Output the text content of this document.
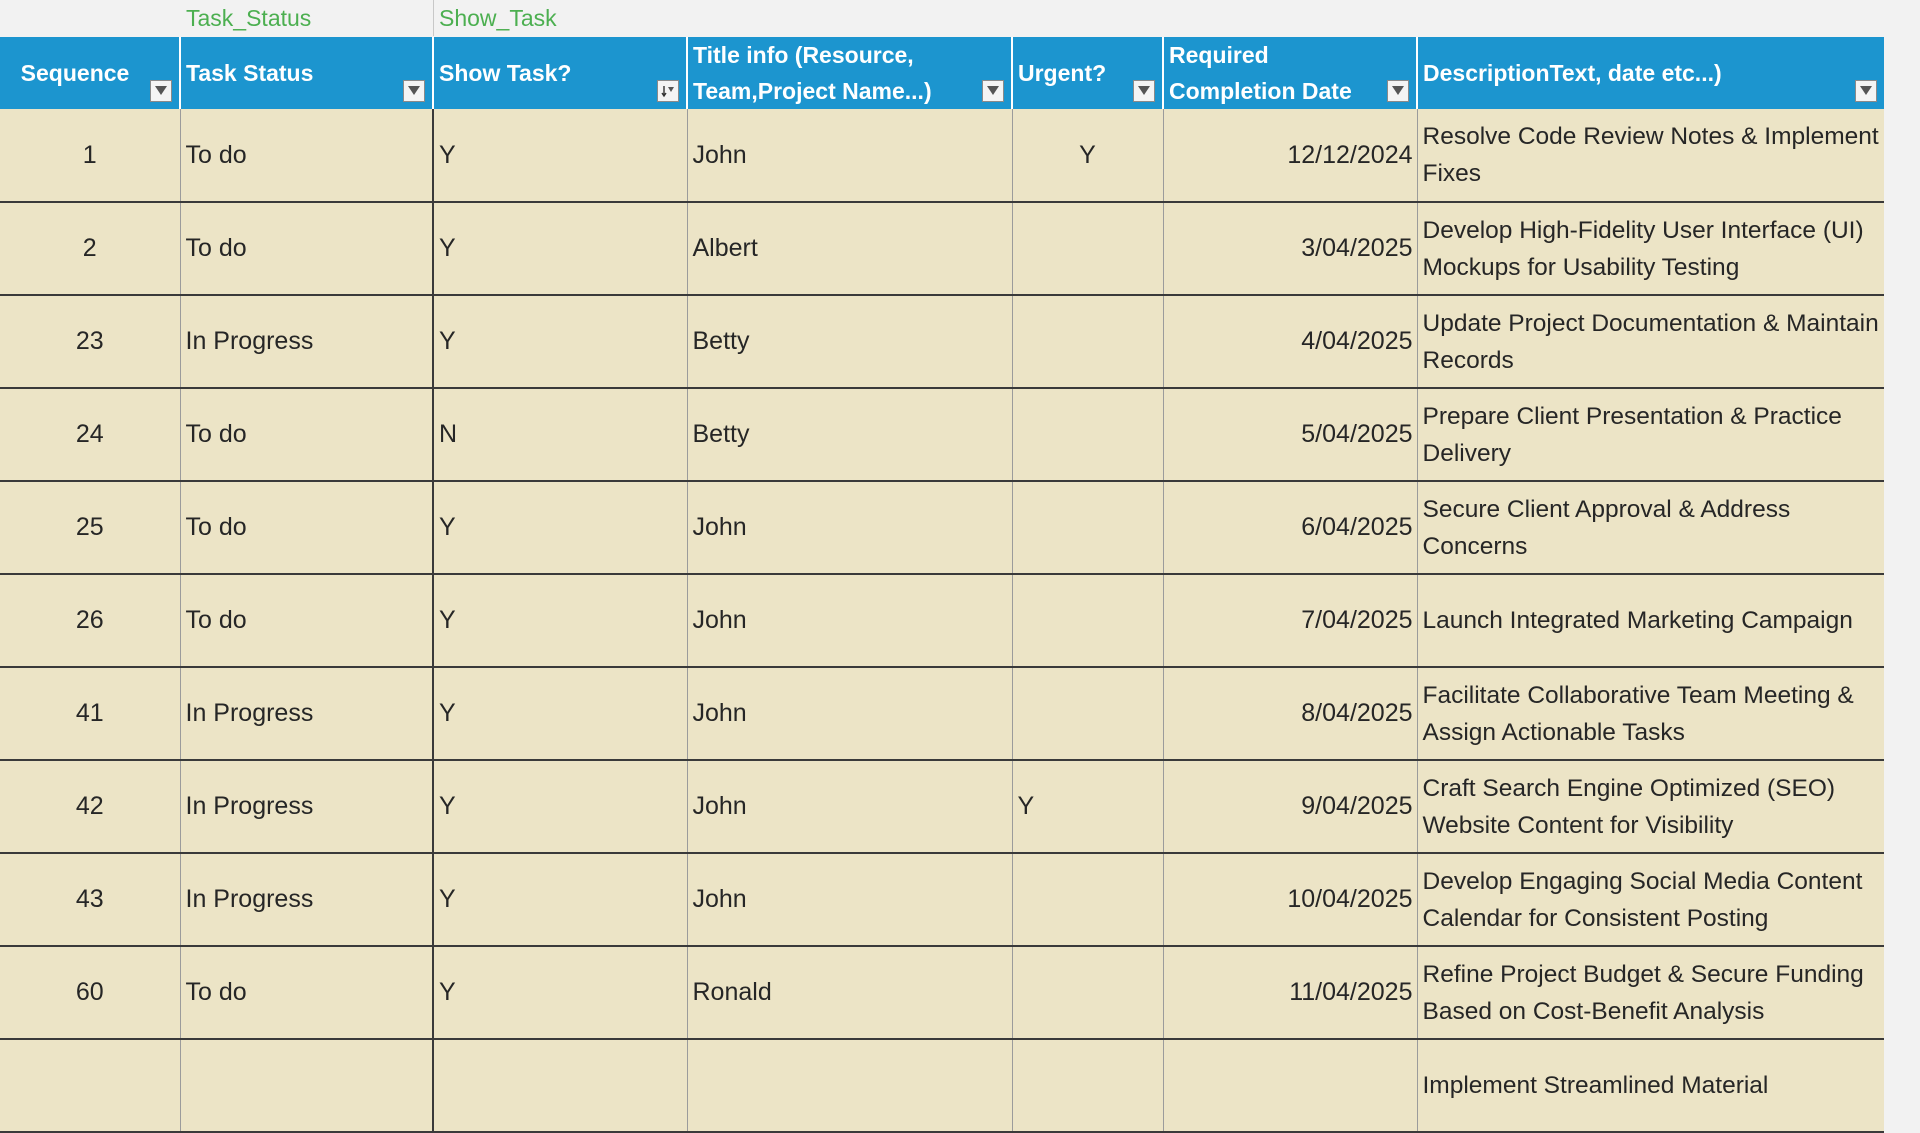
Task_Status	Show_Task
Sequence	Task Status	Show Task?	Title info (Resource, Team,Project Name...)	Urgent?	Required Completion Date	DescriptionText, date etc...)

1	To do	Y	John	Y	12/12/2024	Resolve Code Review Notes & Implement Fixes
2	To do	Y	Albert		3/04/2025	Develop High-Fidelity User Interface (UI) Mockups for Usability Testing
23	In Progress	Y	Betty		4/04/2025	Update Project Documentation & Maintain Records
24	To do	N	Betty		5/04/2025	Prepare Client Presentation & Practice Delivery
25	To do	Y	John		6/04/2025	Secure Client Approval & Address Concerns
26	To do	Y	John		7/04/2025	Launch Integrated Marketing Campaign
41	In Progress	Y	John		8/04/2025	Facilitate Collaborative Team Meeting & Assign Actionable Tasks
42	In Progress	Y	John	Y	9/04/2025	Craft Search Engine Optimized (SEO) Website Content for Visibility
43	In Progress	Y	John		10/04/2025	Develop Engaging Social Media Content Calendar for Consistent Posting
60	To do	Y	Ronald		11/04/2025	Refine Project Budget & Secure Funding Based on Cost-Benefit Analysis
						Implement Streamlined Material
